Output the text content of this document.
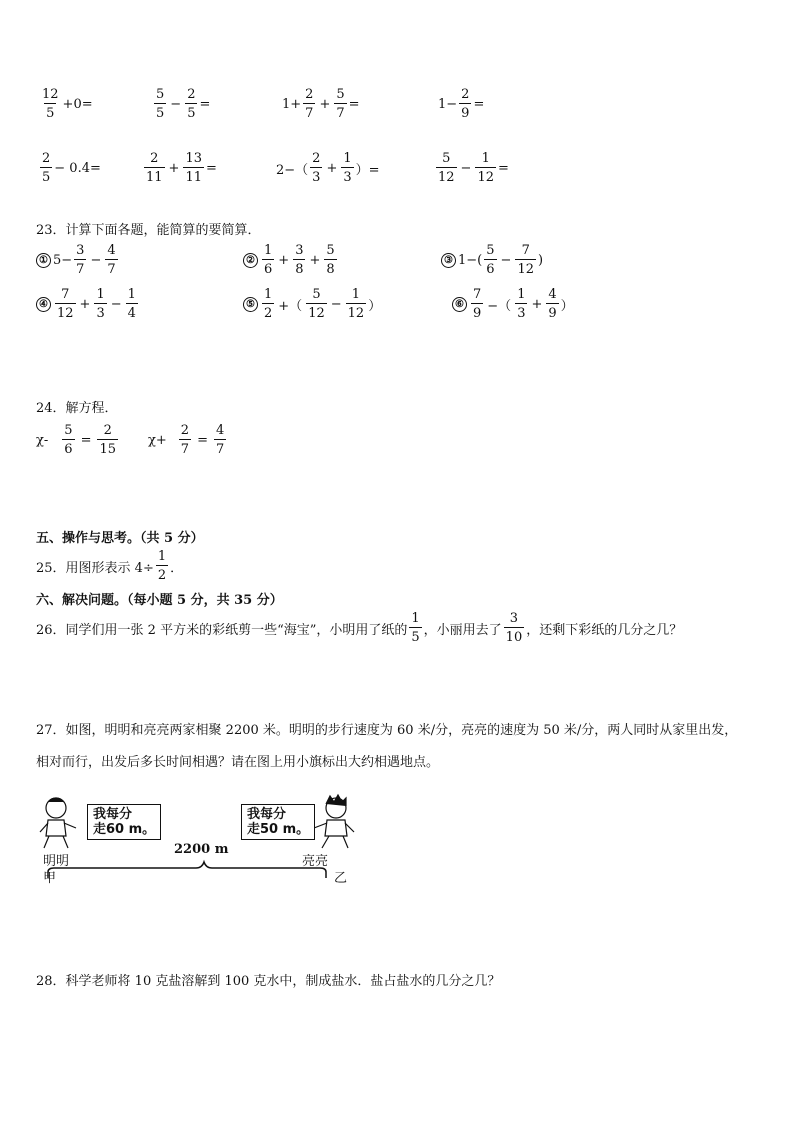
$\frac{12}{5} +0=$	$\frac{5}{5} - \frac{2}{5}$ =	$1+ \frac{2}{7} + \frac{5}{7}$ =	$1- \frac{2}{9}$ =
$\frac{2}{5} - 0.4=$	$\frac{2}{11} + \frac{13}{11}$ =	$2-( \frac{2}{3} + \frac{1}{3}$ ）=	$\frac{5}{12} - \frac{1}{12}$ =
23．计算下面各题，能简算的要简算．
① $5- \frac{3}{7} - \frac{4}{7}$	② $\frac{1}{6} + \frac{3}{8} + \frac{5}{8}$	③ $1-( \frac{5}{6} - \frac{7}{12}$ )
④ $\frac{7}{12} + \frac{1}{3} - \frac{1}{4}$	⑤ $\frac{1}{2}$ +（ $\frac{5}{12} - \frac{1}{12}$ ）	⑥ $\frac{7}{9}$ −（ $\frac{1}{3} + \frac{4}{9}$ ）
24．解方程．
$\chi- \frac{5}{6} = \frac{2}{15} \chi+ \frac{2}{7} = \frac{4}{7}$
五、操作与思考。（共 5 分）
25．用图形表示 $4\div \frac{1}{2}$ ．
六、解决问题。（每小题 5 分，共 35 分）
26．同学们用一张 2 平方米的彩纸剪一些“海宝”，小明用了纸的 $\frac{1}{5}$ ，小丽用去了 $\frac{3}{10}$ ，还剩下彩纸的几分之几？
27．如图，明明和亮亮两家相聚 2200 米。明明的步行速度为 60 米/分，亮亮的速度为 50 米/分，两人同时从家里出发，
相对而行，出发后多长时间相遇？请在图上用小旗标出大约相遇地点。
我每分
走60 m。
我每分
走50 m。
2200 m
明明	亮亮
甲	乙
28．科学老师将 10 克盐溶解到 100 克水中，制成盐水．盐占盐水的几分之几？
